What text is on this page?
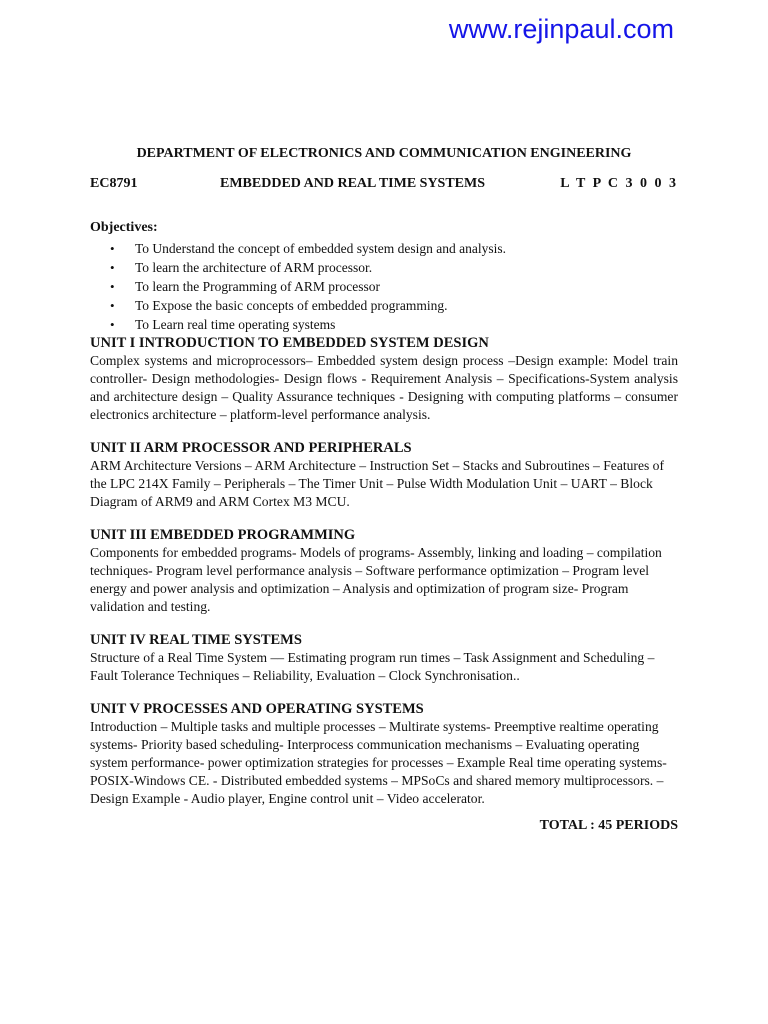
www.rejinpaul.com

DEPARTMENT OF ELECTRONICS AND COMMUNICATION ENGINEERING

EC8791	EMBEDDED AND REAL TIME SYSTEMS	L T P C 3 0 0 3

Objectives:

• To Understand the concept of embedded system design and analysis.
• To learn the architecture of ARM processor.
• To learn the Programming of ARM processor
• To Expose the basic concepts of embedded programming.
• To Learn real time operating systems

UNIT I INTRODUCTION TO EMBEDDED SYSTEM DESIGN

Complex systems and microprocessors– Embedded system design process –Design example: Model train controller- Design methodologies- Design flows - Requirement Analysis – Specifications-System analysis and architecture design – Quality Assurance techniques - Designing with computing platforms – consumer electronics architecture – platform-level performance analysis.

UNIT II ARM PROCESSOR AND PERIPHERALS

ARM Architecture Versions – ARM Architecture – Instruction Set – Stacks and Subroutines – Features of the LPC 214X Family – Peripherals – The Timer Unit – Pulse Width Modulation Unit – UART – Block Diagram of ARM9 and ARM Cortex M3 MCU.

UNIT III EMBEDDED PROGRAMMING

Components for embedded programs- Models of programs- Assembly, linking and loading – compilation techniques- Program level performance analysis – Software performance optimization – Program level energy and power analysis and optimization – Analysis and optimization of program size- Program validation and testing.

UNIT IV REAL TIME SYSTEMS

Structure of a Real Time System –– Estimating program run times – Task Assignment and Scheduling – Fault Tolerance Techniques – Reliability, Evaluation – Clock Synchronisation..

UNIT V PROCESSES AND OPERATING SYSTEMS

Introduction – Multiple tasks and multiple processes – Multirate systems- Preemptive realtime operating systems- Priority based scheduling- Interprocess communication mechanisms – Evaluating operating system performance- power optimization strategies for processes – Example Real time operating systems-POSIX-Windows CE. - Distributed embedded systems – MPSoCs and shared memory multiprocessors. – Design Example - Audio player, Engine control unit – Video accelerator.

TOTAL : 45 PERIODS
